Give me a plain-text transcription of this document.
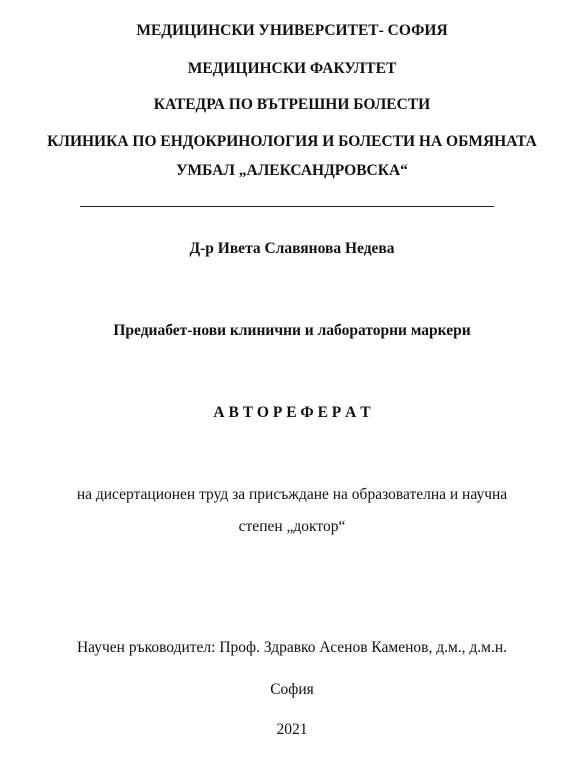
МЕДИЦИНСКИ УНИВЕРСИТЕТ- СОФИЯ
МЕДИЦИНСКИ ФАКУЛТЕТ
КАТЕДРА ПО ВЪТРЕШНИ БОЛЕСТИ
КЛИНИКА ПО ЕНДОКРИНОЛОГИЯ И БОЛЕСТИ НА ОБМЯНАТА
УМБАЛ „АЛЕКСАНДРОВСКА“
Д-р Ивета Славянова Недева
Предиабет-нови клинични и лабораторни маркери
А В Т О Р Е Ф Е Р А Т
на дисертационен труд за присъждане на образователна и научна
степен „доктор“
Научен ръководител: Проф. Здравко Асенов Каменов, д.м., д.м.н.
София
2021
